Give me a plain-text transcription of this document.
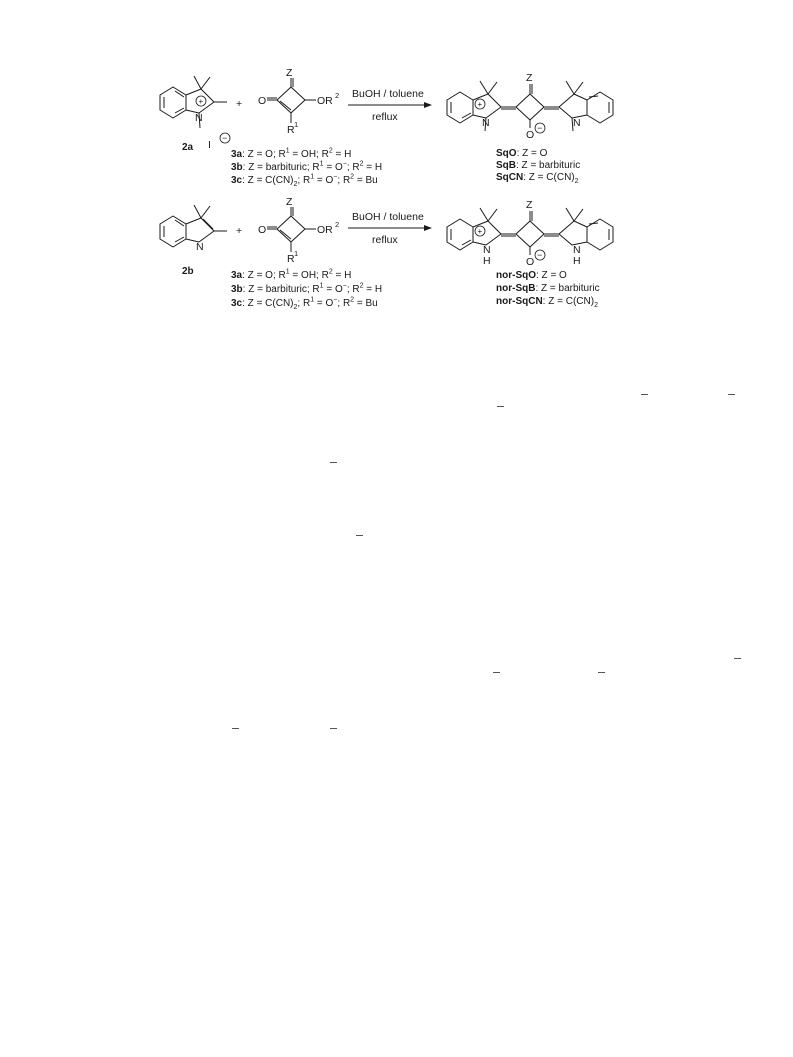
+
N
I
−
2a
+
Z
O	OR 2
R 1
BuOH / toluene
reflux
+
N
Z
O
−	N
N
2b
+
Z
O	OR 2
R 1
BuOH / toluene
reflux
+
N
H
Z
O
−	N
H
3a: Z = O; $R^1$ = OH; $R^2 = H$
3b: Z = barbituric; $R^1 = O^-$; $R^2 = H$
3c: $Z = C(CN)_2$; $R^1 = O^-$; $R^2 = Bu$
SqO: Z = O
SqB: Z = barbituric
SqCN: $Z = C(CN)_2$
3a: Z = O; $R^1$ = OH; $R^2 = H$
3b: Z = barbituric; $R^1 = O^-$; $R^2 = H$
3c: $Z = C(CN)_2$; $R^1 = O^-$; $R^2 = Bu$
nor-SqO: Z = O
nor-SqB: Z = barbituric
nor-SqCN: $Z = C(CN)_2$
